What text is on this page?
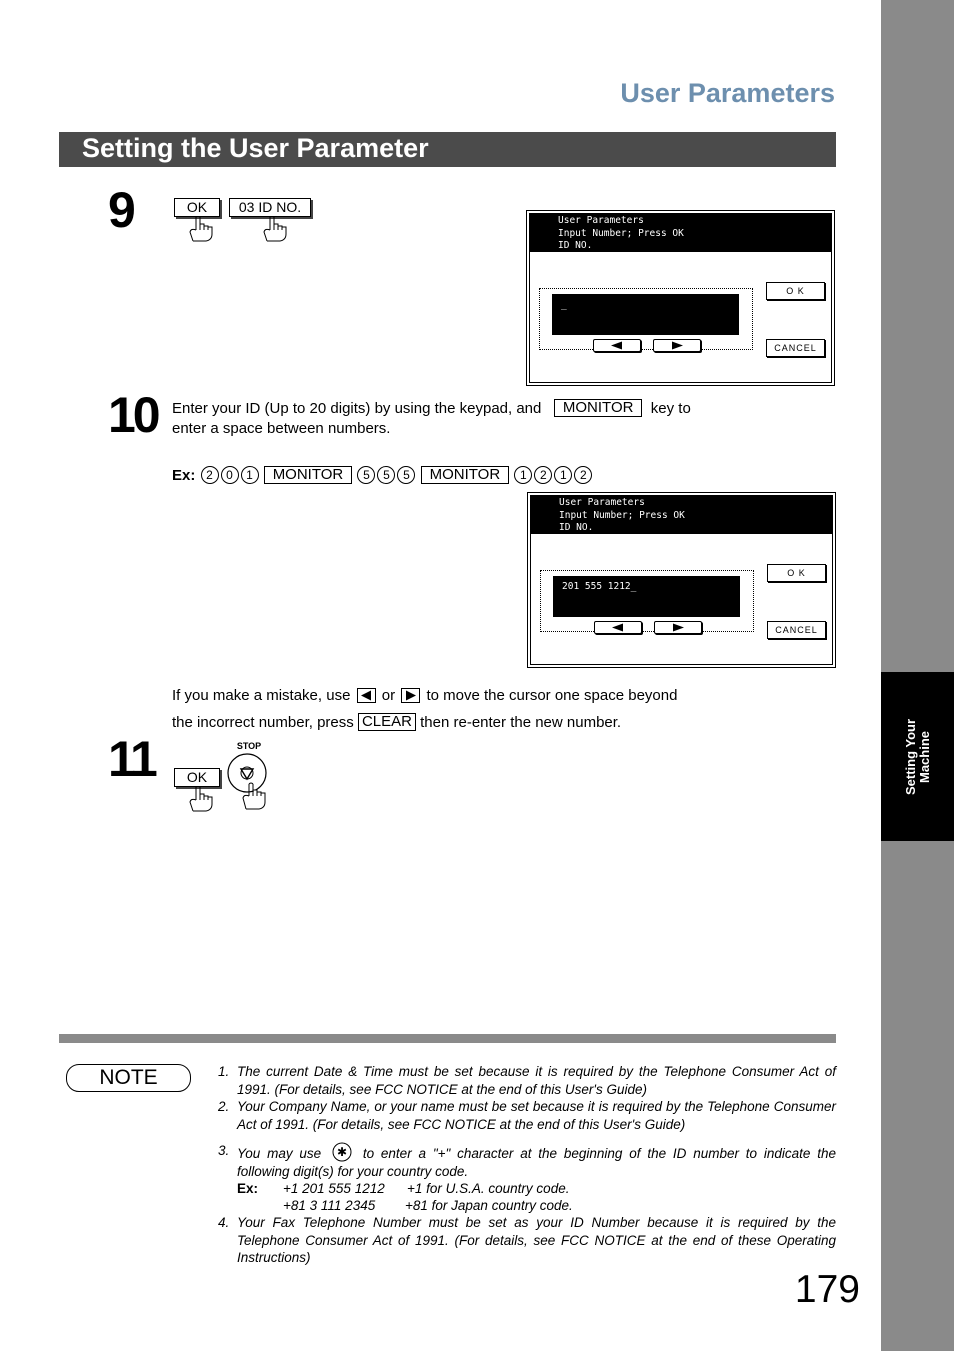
Setting Your
Machine
User Parameters
Setting the User Parameter
9	OK	03 ID NO.
User Parameters
Input Number; Press OK
ID NO.
_
O K
CANCEL
10 Enter your ID (Up to 20 digits) by using the keypad, and MONITOR key to
enter a space between numbers.
Ex: 2 0 1 MONITOR 5 5 5 MONITOR 1 2 1 2
User Parameters
Input Number; Press OK
ID NO.
201 555 1212_
O K
CANCEL
If you make a mistake, use or to move the cursor one space beyond
the incorrect number, press CLEAR then re-enter the new number.
11	OK
STOP
NOTE	1. The current Date & Time must be set because it is required by the Telephone Consumer Act of 1991. (For details, see FCC NOTICE at the end of this User's Guide)
2. Your Company Name, or your name must be set because it is required by the Telephone Consumer Act of 1991. (For details, see FCC NOTICE at the end of this User's Guide)
3. You may use ✱ to enter a "+" character at the beginning of the ID number to indicate the following digit(s) for your country code.
Ex: +1 201 555 1212 +1 for U.S.A. country code.
+81 3 111 2345 +81 for Japan country code.
4. Your Fax Telephone Number must be set as your ID Number because it is required by the Telephone Consumer Act of 1991. (For details, see FCC NOTICE at the end of these Operating Instructions)
179
